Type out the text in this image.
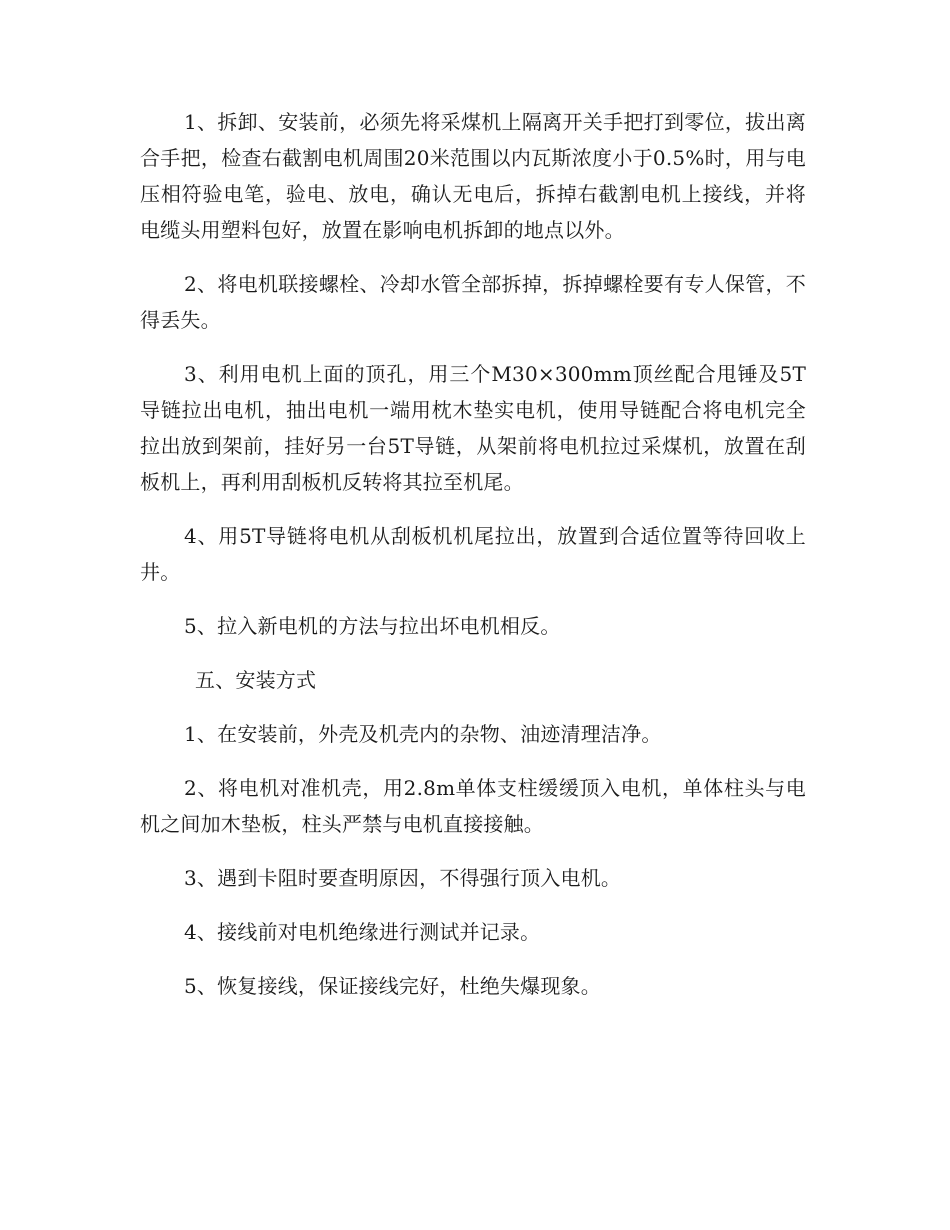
1、拆卸、安装前，必须先将采煤机上隔离开关手把打到零位，拔出离合手把，检查右截割电机周围20米范围以内瓦斯浓度小于0.5%时，用与电压相符验电笔，验电、放电，确认无电后，拆掉右截割电机上接线，并将电缆头用塑料包好，放置在影响电机拆卸的地点以外。

2、将电机联接螺栓、冷却水管全部拆掉，拆掉螺栓要有专人保管，不得丢失。

3、利用电机上面的顶孔，用三个M30×300mm顶丝配合甩锤及5T导链拉出电机，抽出电机一端用枕木垫实电机，使用导链配合将电机完全拉出放到架前，挂好另一台5T导链，从架前将电机拉过采煤机，放置在刮板机上，再利用刮板机反转将其拉至机尾。

4、用5T导链将电机从刮板机机尾拉出，放置到合适位置等待回收上井。

5、拉入新电机的方法与拉出坏电机相反。

五、安装方式

1、在安装前，外壳及机壳内的杂物、油迹清理洁净。

2、将电机对准机壳，用2.8m单体支柱缓缓顶入电机，单体柱头与电机之间加木垫板，柱头严禁与电机直接接触。

3、遇到卡阻时要查明原因，不得强行顶入电机。

4、接线前对电机绝缘进行测试并记录。

5、恢复接线，保证接线完好，杜绝失爆现象。
